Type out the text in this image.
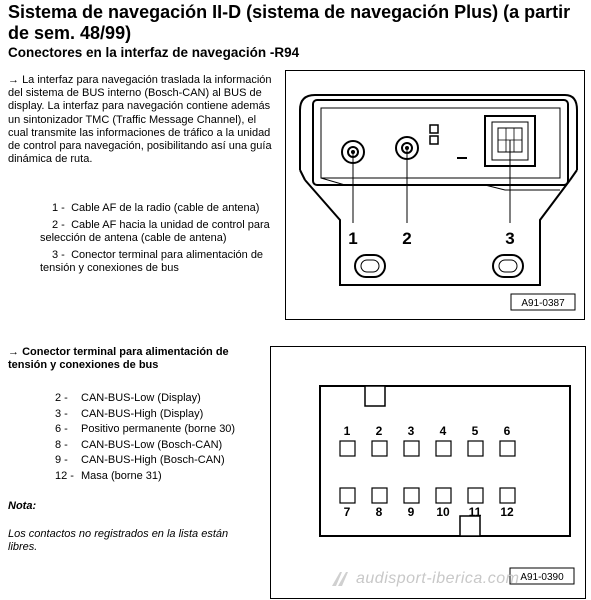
Sistema de navegación II-D (sistema de navegación Plus) (a partir de sem. 48/99)
Conectores en la interfaz de navegación -R94
→ La interfaz para navegación traslada la información del sistema de BUS interno (Bosch-CAN) al BUS de display. La interfaz para navegación contiene además un sintonizador TMC (Traffic Message Channel), el cual transmite las informaciones de tráfico a la unidad de control para navegación, posibilitando así una guía dinámica de ruta.
1 - Cable AF de la radio (cable de antena)
2 - Cable AF hacia la unidad de control para selección de antena (cable de antena)
3 - Conector terminal para alimentación de tensión y conexiones de bus
1	2	3
A91-0387
→ Conector terminal para alimentación de tensión y conexiones de bus
2 -	CAN-BUS-Low (Display)
3 -	CAN-BUS-High (Display)
6 -	Positivo permanente (borne 30)
8 -	CAN-BUS-Low (Bosch-CAN)
9 -	CAN-BUS-High (Bosch-CAN)
12 - Masa (borne 31)
Nota:
Los contactos no registrados en la lista están libres.
1 2 3 4 5 6
7 8 9 10 11 12
A91-0390
audisport-iberica.com
